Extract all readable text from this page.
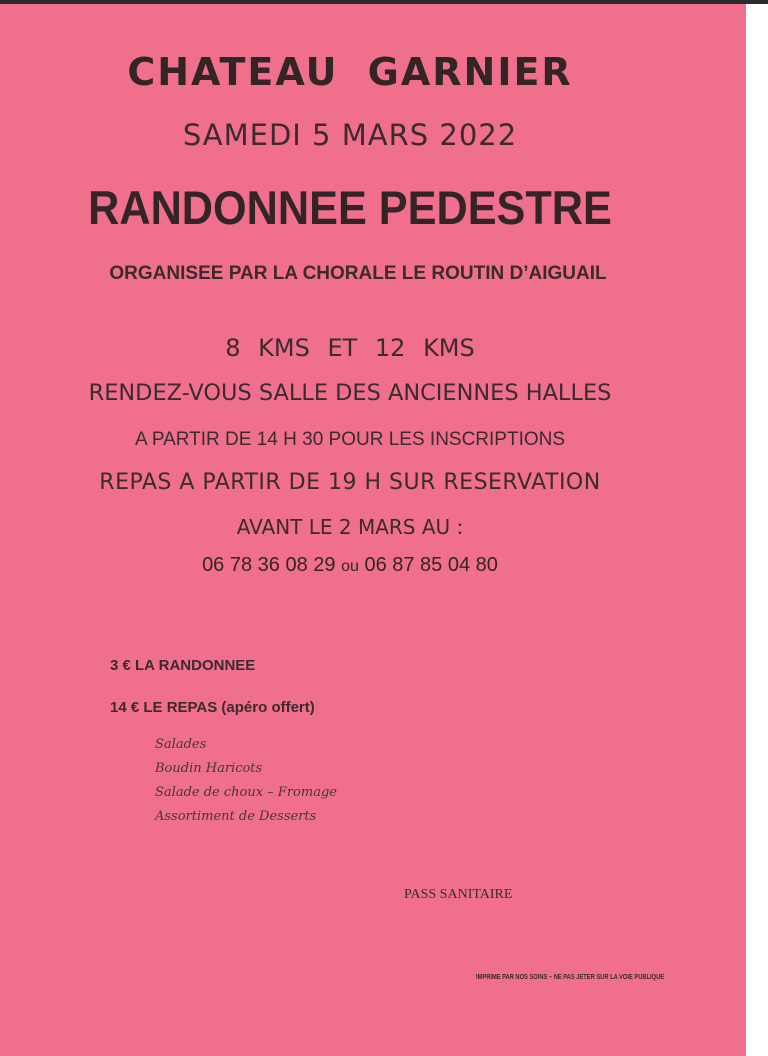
CHATEAU GARNIER
SAMEDI 5 MARS 2022
RANDONNEE PEDESTRE
ORGANISEE PAR LA CHORALE LE ROUTIN D’AIGUAIL
8 KMS ET 12 KMS
RENDEZ-VOUS SALLE DES ANCIENNES HALLES
A PARTIR DE 14 H 30 POUR LES INSCRIPTIONS
REPAS A PARTIR DE 19 H SUR RESERVATION
AVANT LE 2 MARS AU :
06 78 36 08 29 ou 06 87 85 04 80
3 € LA RANDONNEE
14 € LE REPAS (apéro offert)
Salades
Boudin Haricots
Salade de choux – Fromage
Assortiment de Desserts
PASS SANITAIRE
IMPRIME PAR NOS SOINS – NE PAS JETER SUR LA VOIE PUBLIQUE
